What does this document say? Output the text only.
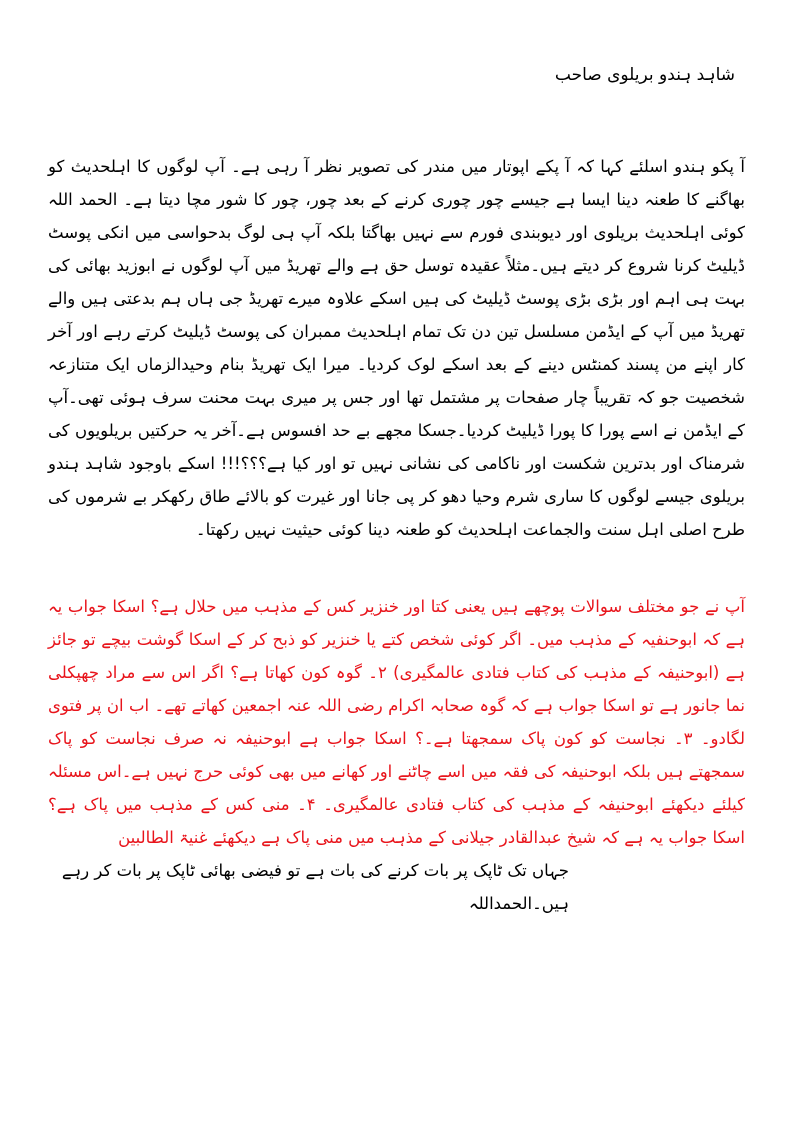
شاہد ہندو بریلوی صاحب

آ پکو ہندو اسلئے کہا کہ آ پکے اپوتار میں مندر کی تصویر نظر آ رہی ہے۔ آپ لوگوں کا اہلحدیث کو بھاگنے کا طعنہ دینا ایسا ہے جیسے چور چوری کرنے کے بعد چور، چور کا شور مچا دیتا ہے۔ الحمد اللہ کوئی اہلحدیث بریلوی اور دیوبندی فورم سے نہیں بھاگتا بلکہ آپ ہی لوگ بدحواسی میں انکی پوسٹ ڈیلیٹ کرنا شروع کر دیتے ہیں۔مثلاً عقیدہ توسل حق ہے والے تھریڈ میں آپ لوگوں نے ابوزید بھائی کی بہت ہی اہم اور بڑی بڑی پوسٹ ڈیلیٹ کی ہیں اسکے علاوہ میرے تھریڈ جی ہاں ہم بدعتی ہیں والے تھریڈ میں آپ کے ایڈمن مسلسل تین دن تک تمام اہلحدیث ممبران کی پوسٹ ڈیلیٹ کرتے رہے اور آخر کار اپنے من پسند کمنٹس دینے کے بعد اسکے لوک کردیا۔ میرا ایک تھریڈ بنام وحیدالزماں ایک متنازعہ شخصیت جو کہ تقریباً چار صفحات پر مشتمل تھا اور جس پر میری بہت محنت سرف ہوئی تھی۔آپ کے ایڈمن نے اسے پورا کا پورا ڈیلیٹ کردیا۔جسکا مجھے بے حد افسوس ہے۔آخر یہ حرکتیں بریلویوں کی شرمناک اور بدترین شکست اور ناکامی کی نشانی نہیں تو اور کیا ہے؟؟؟!!! اسکے باوجود شاہد ہندو بریلوی جیسے لوگوں کا ساری شرم وحیا دھو کر پی جانا اور غیرت کو بالائے طاق رکھکر بے شرموں کی طرح اصلی اہل سنت والجماعت اہلحدیث کو طعنہ دینا کوئی حیثیت نہیں رکھتا۔

آپ نے جو مختلف سوالات پوچھے ہیں یعنی کتا اور خنزیر کس کے مذہب میں حلال ہے؟ اسکا جواب یہ ہے کہ ابوحنفیہ کے مذہب میں۔ اگر کوئی شخص کتے یا خنزیر کو ذبح کر کے اسکا گوشت بیچے تو جائز ہے (ابوحنیفہ کے مذہب کی کتاب فتادی عالمگیری) ۲۔ گوہ کون کھاتا ہے؟ اگر اس سے مراد چھپکلی نما جانور ہے تو اسکا جواب ہے کہ گوہ صحابہ اکرام رضی اللہ عنہ اجمعین کھاتے تھے۔ اب ان پر فتوی لگادو۔ ۳۔ نجاست کو کون پاک سمجھتا ہے۔؟ اسکا جواب ہے ابوحنیفہ نہ صرف نجاست کو پاک سمجھتے ہیں بلکہ ابوحنیفہ کی فقہ میں اسے چاٹنے اور کھانے میں بھی کوئی حرج نہیں ہے۔اس مسئلہ کیلئے دیکھئے ابوحنیفہ کے مذہب کی کتاب فتادی عالمگیری۔ ۴۔ منی کس کے مذہب میں پاک ہے؟ اسکا جواب یہ ہے کہ شیخ عبدالقادر جیلانی کے مذہب میں منی پاک ہے دیکھئے غنیۃ الطالبین

جہاں تک ٹاپک پر بات کرنے کی بات ہے تو فیضی بھائی ٹاپک پر بات کر رہے ہیں۔الحمداللہ
